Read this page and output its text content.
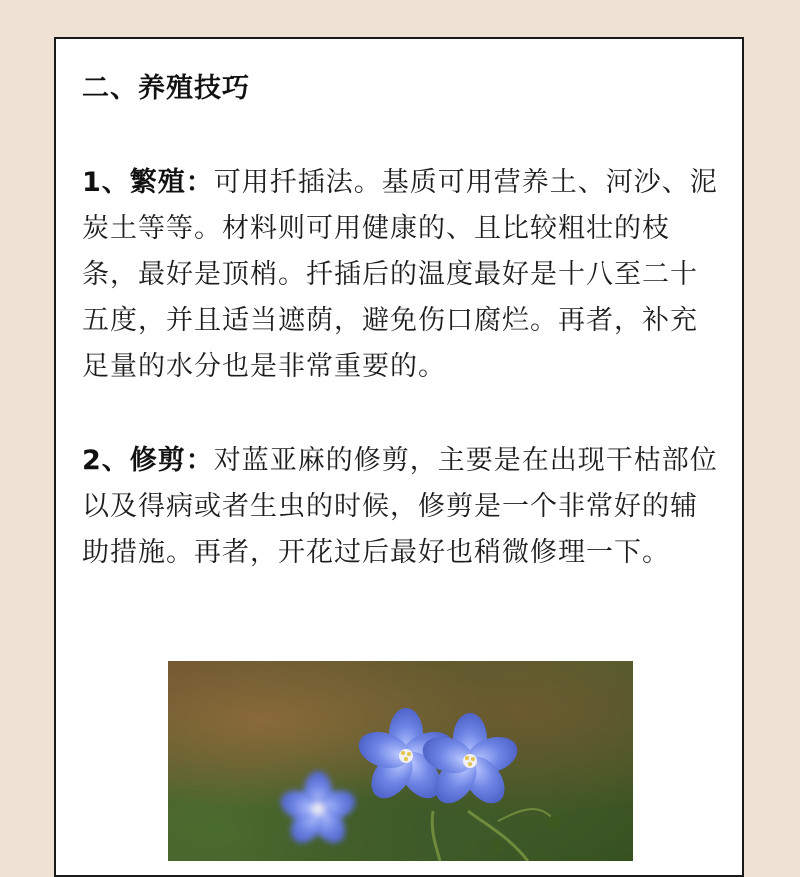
二、养殖技巧
1、繁殖：可用扦插法。基质可用营养土、河沙、泥炭土等等。材料则可用健康的、且比较粗壮的枝条，最好是顶梢。扦插后的温度最好是十八至二十五度，并且适当遮荫，避免伤口腐烂。再者，补充足量的水分也是非常重要的。
2、修剪：对蓝亚麻的修剪，主要是在出现干枯部位以及得病或者生虫的时候，修剪是一个非常好的辅助措施。再者，开花过后最好也稍微修理一下。
